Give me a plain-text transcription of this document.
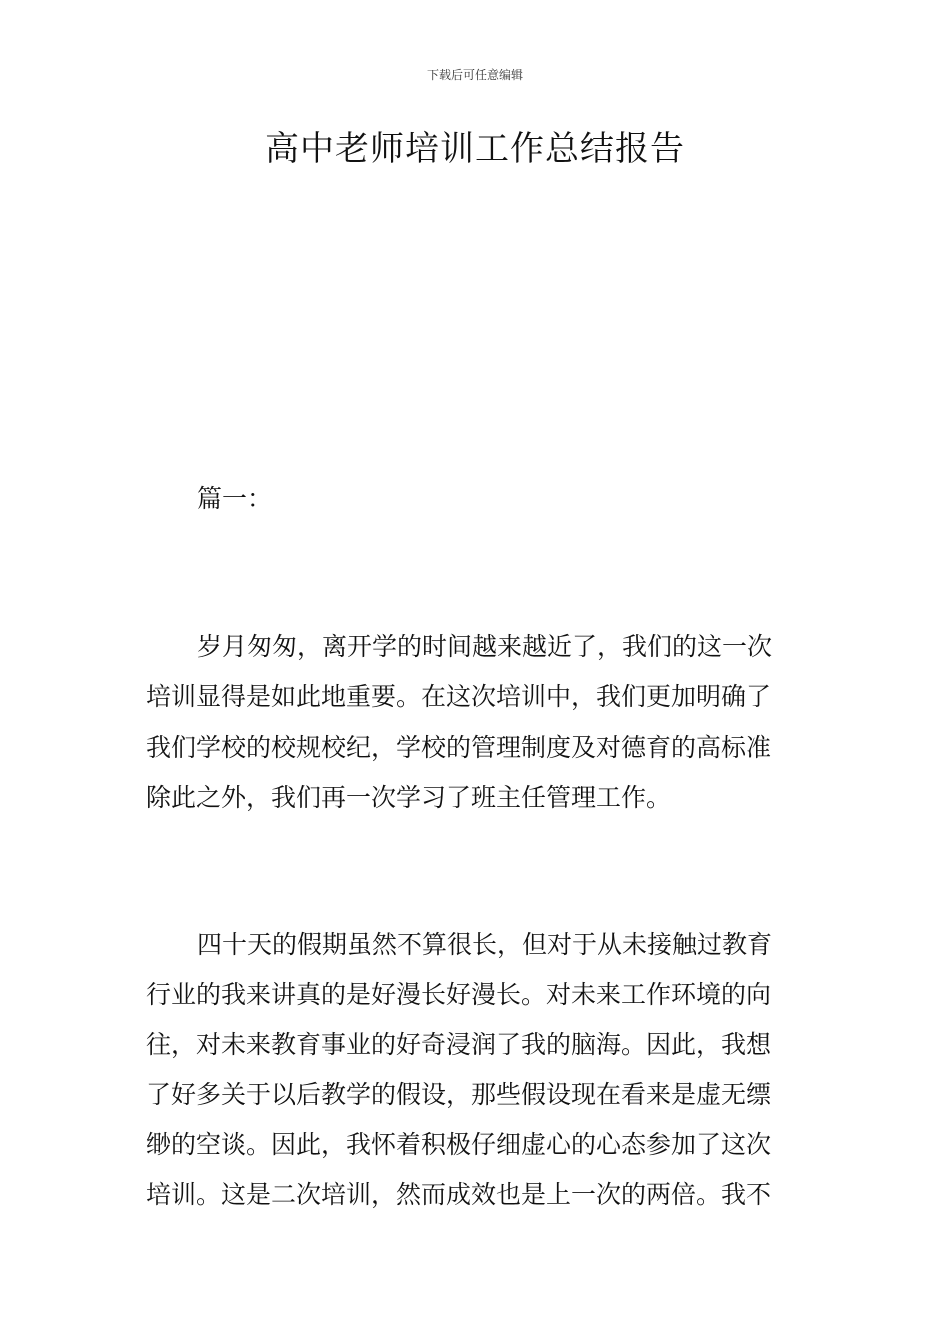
下载后可任意编辑
高中老师培训工作总结报告
篇一：
岁月匆匆，离开学的时间越来越近了，我们的这一次
培训显得是如此地重要。在这次培训中，我们更加明确了
我们学校的校规校纪，学校的管理制度及对德育的高标准
除此之外，我们再一次学习了班主任管理工作。
四十天的假期虽然不算很长，但对于从未接触过教育
行业的我来讲真的是好漫长好漫长。对未来工作环境的向
往，对未来教育事业的好奇浸润了我的脑海。因此，我想
了好多关于以后教学的假设，那些假设现在看来是虚无缥
缈的空谈。因此，我怀着积极仔细虚心的心态参加了这次
培训。这是二次培训，然而成效也是上一次的两倍。我不
